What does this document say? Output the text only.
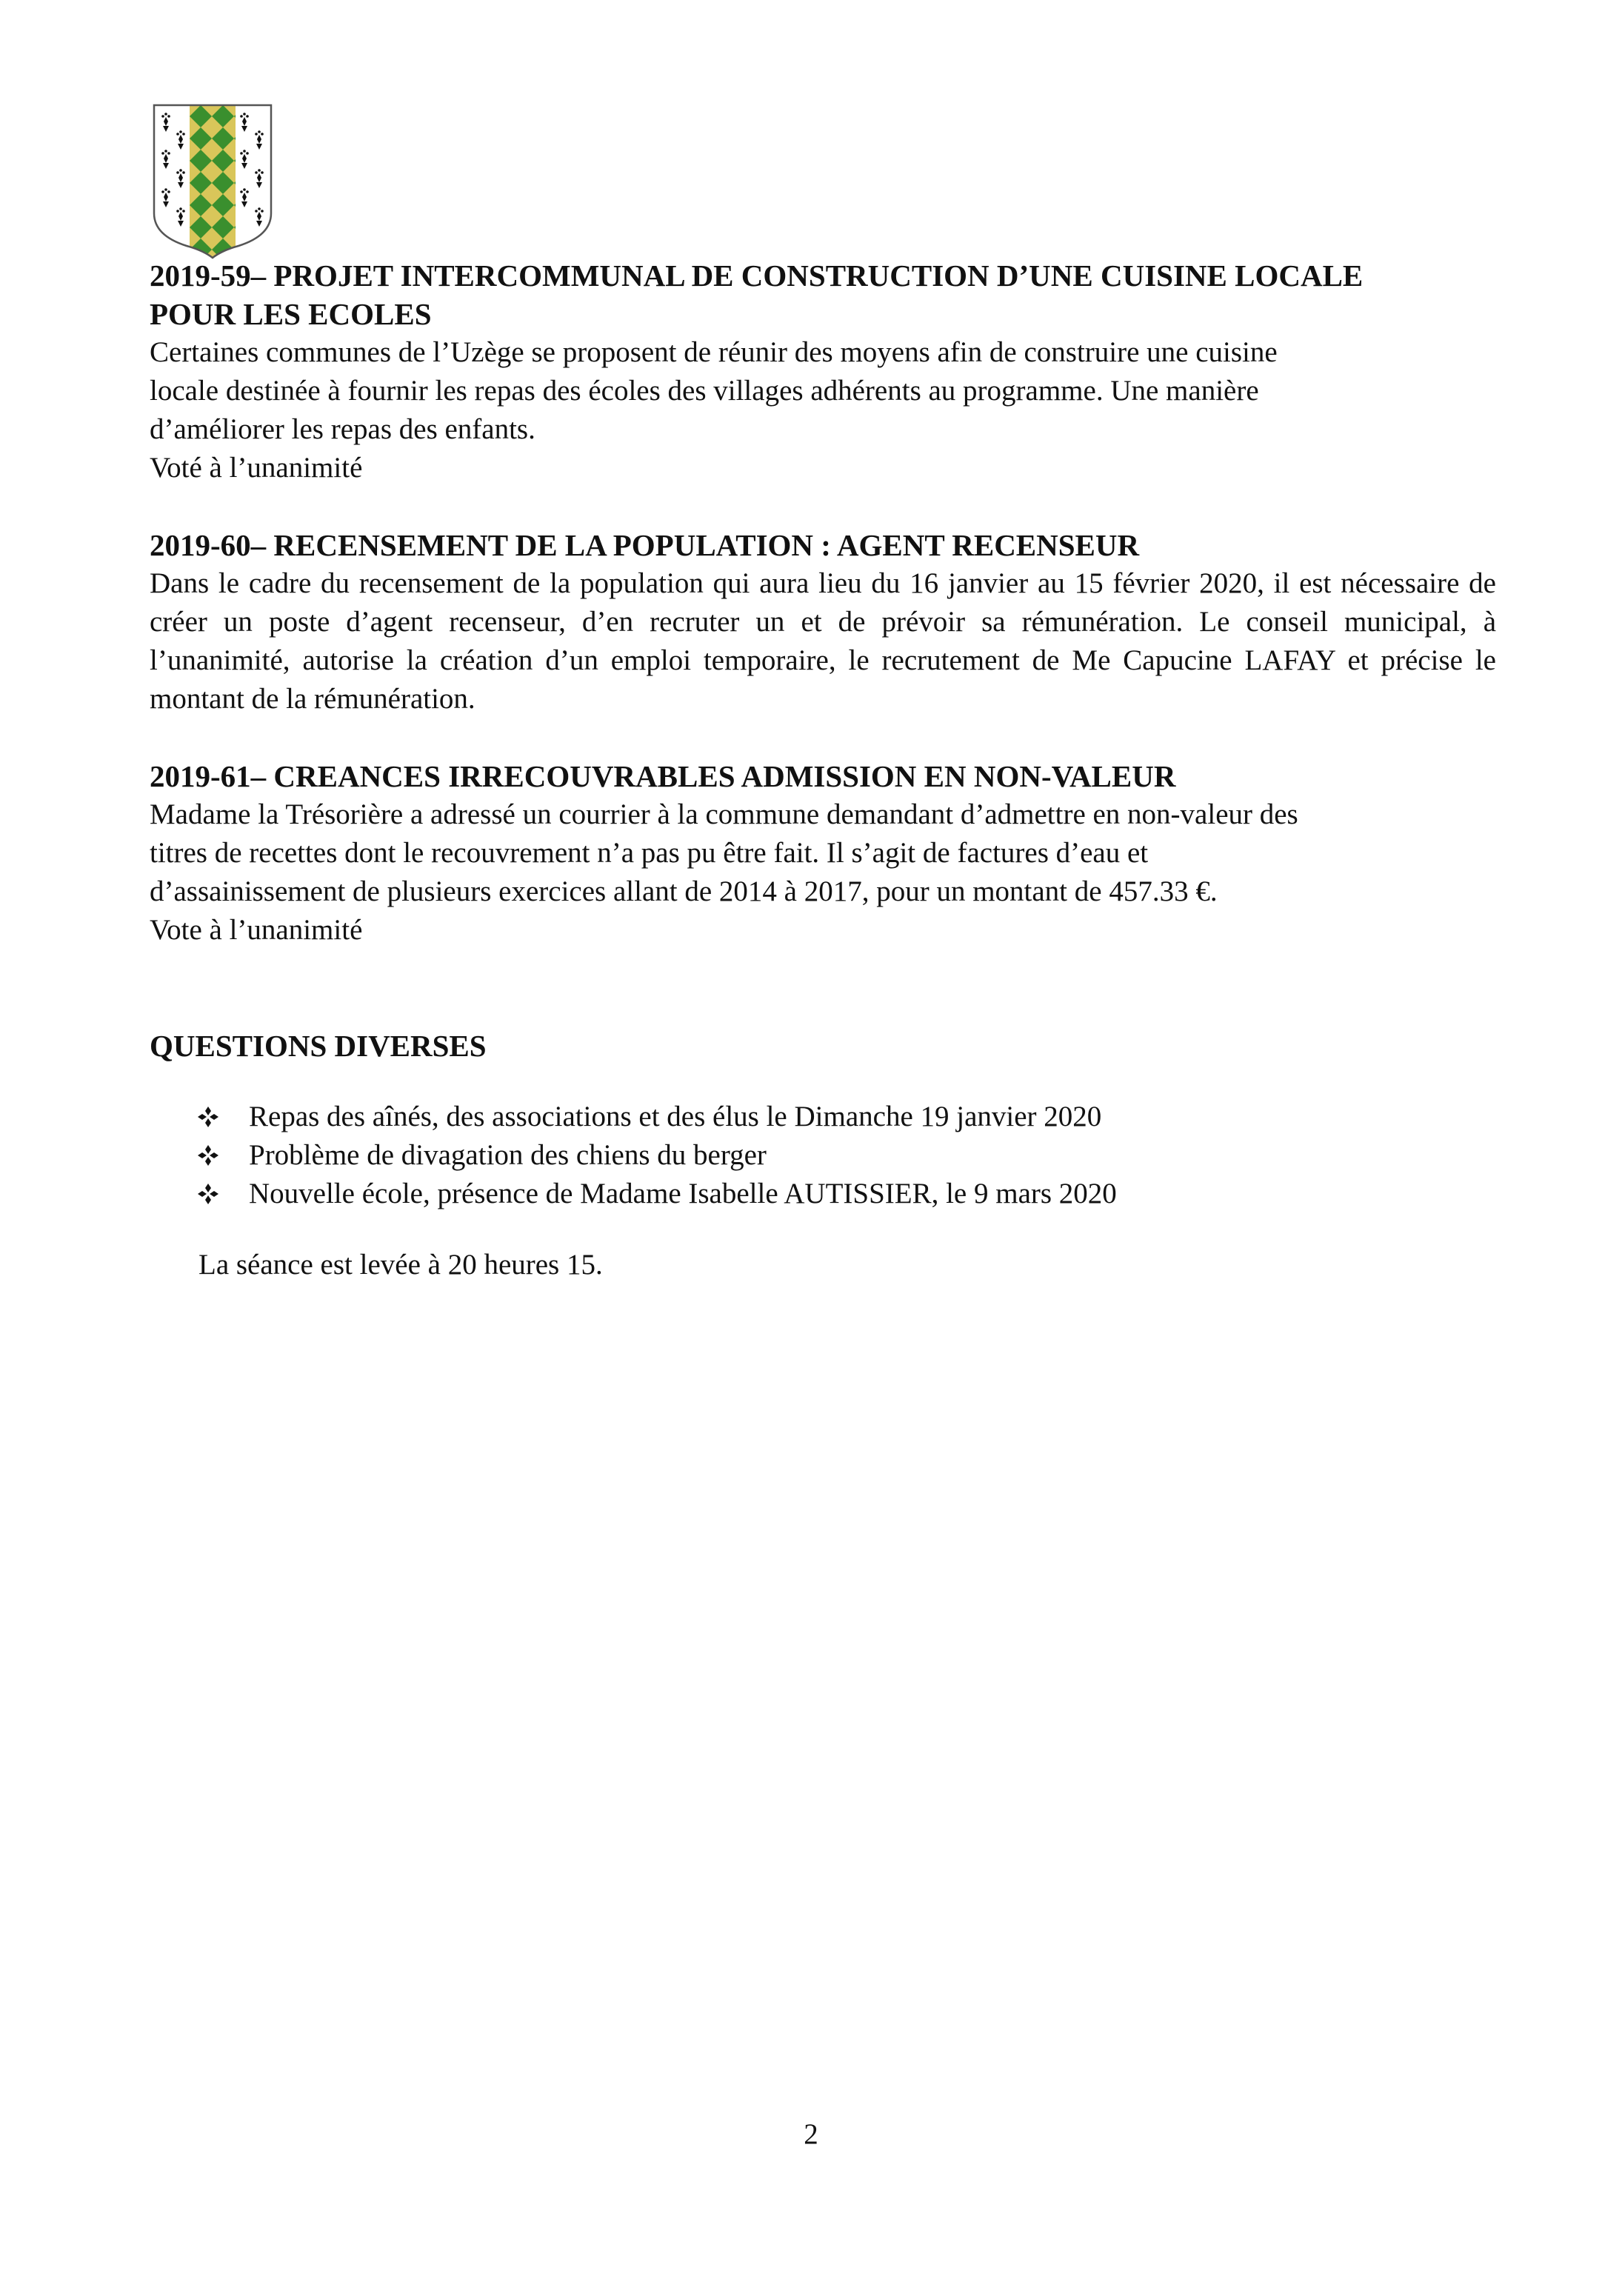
2019-59– PROJET INTERCOMMUNAL DE CONSTRUCTION D’UNE CUISINE LOCALE
POUR LES ECOLES

Certaines communes de l’Uzège se proposent de réunir des moyens afin de construire une cuisine
locale destinée à fournir les repas des écoles des villages adhérents au programme. Une manière
d’améliorer les repas des enfants.

Voté à l’unanimité

2019-60– RECENSEMENT DE LA POPULATION : AGENT RECENSEUR

Dans le cadre du recensement de la population qui aura lieu du 16 janvier au 15 février 2020, il est nécessaire de créer un poste d’agent recenseur, d’en recruter un et de prévoir sa rémunération. Le conseil municipal, à l’unanimité, autorise la création d’un emploi temporaire, le recrutement de Me Capucine LAFAY et précise le montant de la rémunération.

2019-61– CREANCES IRRECOUVRABLES ADMISSION EN NON-VALEUR

Madame la Trésorière a adressé un courrier à la commune demandant d’admettre en non-valeur des
titres de recettes dont le recouvrement n’a pas pu être fait. Il s’agit de factures d’eau et
d’assainissement de plusieurs exercices allant de 2014 à 2017, pour un montant de 457.33 €.

Vote à l’unanimité

QUESTIONS DIVERSES

Repas des aînés, des associations et des élus le Dimanche 19 janvier 2020
Problème de divagation des chiens du berger
Nouvelle école, présence de Madame Isabelle AUTISSIER, le 9 mars 2020

La séance est levée à 20 heures 15.

2
